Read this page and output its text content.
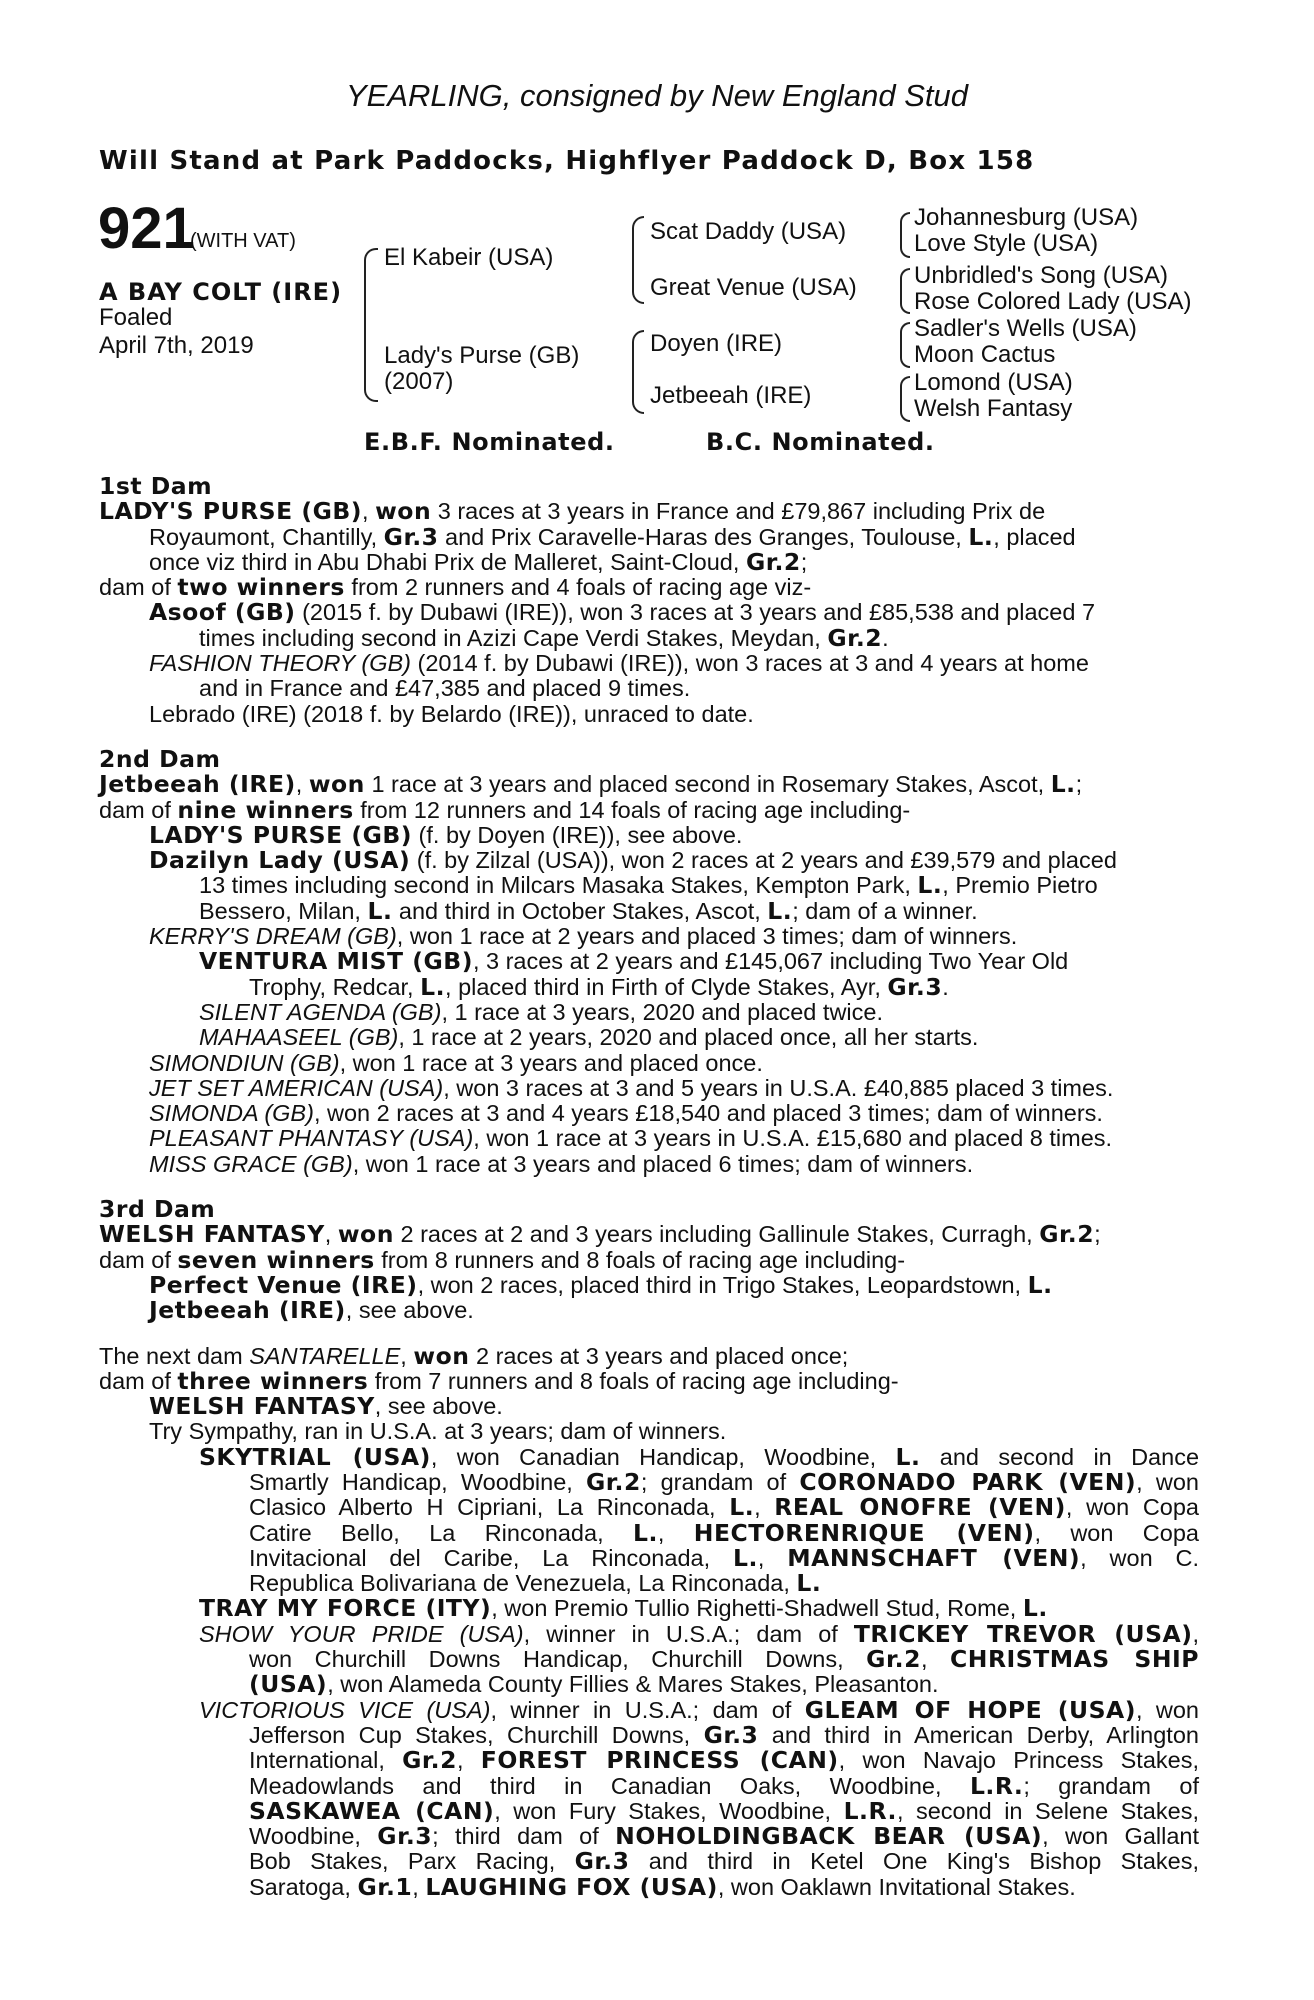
YEARLING, consigned by New England Stud
Will Stand at Park Paddocks, Highflyer Paddock D, Box 158
921
(WITH VAT)
A BAY COLT (IRE)
Foaled
April 7th, 2019
El Kabeir (USA)
Lady's Purse (GB)
(2007)
Scat Daddy (USA)
Great Venue (USA)
Doyen (IRE)
Jetbeeah (IRE)
Johannesburg (USA)
Love Style (USA)
Unbridled's Song (USA)
Rose Colored Lady (USA)
Sadler's Wells (USA)
Moon Cactus
Lomond (USA)
Welsh Fantasy
E.B.F. Nominated.	B.C. Nominated.
1st Dam
LADY'S PURSE (GB), won 3 races at 3 years in France and £79,867 including Prix de
Royaumont, Chantilly, Gr.3 and Prix Caravelle-Haras des Granges, Toulouse, L., placed
once viz third in Abu Dhabi Prix de Malleret, Saint-Cloud, Gr.2;
dam of two winners from 2 runners and 4 foals of racing age viz-
Asoof (GB) (2015 f. by Dubawi (IRE)), won 3 races at 3 years and £85,538 and placed 7
times including second in Azizi Cape Verdi Stakes, Meydan, Gr.2.
FASHION THEORY (GB) (2014 f. by Dubawi (IRE)), won 3 races at 3 and 4 years at home
and in France and £47,385 and placed 9 times.
Lebrado (IRE) (2018 f. by Belardo (IRE)), unraced to date.
2nd Dam
Jetbeeah (IRE), won 1 race at 3 years and placed second in Rosemary Stakes, Ascot, L.;
dam of nine winners from 12 runners and 14 foals of racing age including-
LADY'S PURSE (GB) (f. by Doyen (IRE)), see above.
Dazilyn Lady (USA) (f. by Zilzal (USA)), won 2 races at 2 years and £39,579 and placed
13 times including second in Milcars Masaka Stakes, Kempton Park, L., Premio Pietro
Bessero, Milan, L. and third in October Stakes, Ascot, L.; dam of a winner.
KERRY'S DREAM (GB), won 1 race at 2 years and placed 3 times; dam of winners.
VENTURA MIST (GB), 3 races at 2 years and £145,067 including Two Year Old
Trophy, Redcar, L., placed third in Firth of Clyde Stakes, Ayr, Gr.3.
SILENT AGENDA (GB), 1 race at 3 years, 2020 and placed twice.
MAHAASEEL (GB), 1 race at 2 years, 2020 and placed once, all her starts.
SIMONDIUN (GB), won 1 race at 3 years and placed once.
JET SET AMERICAN (USA), won 3 races at 3 and 5 years in U.S.A. £40,885 placed 3 times.
SIMONDA (GB), won 2 races at 3 and 4 years £18,540 and placed 3 times; dam of winners.
PLEASANT PHANTASY (USA), won 1 race at 3 years in U.S.A. £15,680 and placed 8 times.
MISS GRACE (GB), won 1 race at 3 years and placed 6 times; dam of winners.
3rd Dam
WELSH FANTASY, won 2 races at 2 and 3 years including Gallinule Stakes, Curragh, Gr.2;
dam of seven winners from 8 runners and 8 foals of racing age including-
Perfect Venue (IRE), won 2 races, placed third in Trigo Stakes, Leopardstown, L.
Jetbeeah (IRE), see above.
The next dam SANTARELLE, won 2 races at 3 years and placed once;
dam of three winners from 7 runners and 8 foals of racing age including-
WELSH FANTASY, see above.
Try Sympathy, ran in U.S.A. at 3 years; dam of winners.
SKYTRIAL (USA), won Canadian Handicap, Woodbine, L. and second in Dance
Smartly Handicap, Woodbine, Gr.2; grandam of CORONADO PARK (VEN), won
Clasico Alberto H Cipriani, La Rinconada, L., REAL ONOFRE (VEN), won Copa
Catire Bello, La Rinconada, L., HECTORENRIQUE (VEN), won Copa
Invitacional del Caribe, La Rinconada, L., MANNSCHAFT (VEN), won C.
Republica Bolivariana de Venezuela, La Rinconada, L.
TRAY MY FORCE (ITY), won Premio Tullio Righetti-Shadwell Stud, Rome, L.
SHOW YOUR PRIDE (USA), winner in U.S.A.; dam of TRICKEY TREVOR (USA),
won Churchill Downs Handicap, Churchill Downs, Gr.2, CHRISTMAS SHIP
(USA), won Alameda County Fillies & Mares Stakes, Pleasanton.
VICTORIOUS VICE (USA), winner in U.S.A.; dam of GLEAM OF HOPE (USA), won
Jefferson Cup Stakes, Churchill Downs, Gr.3 and third in American Derby, Arlington
International, Gr.2, FOREST PRINCESS (CAN), won Navajo Princess Stakes,
Meadowlands and third in Canadian Oaks, Woodbine, L.R.; grandam of
SASKAWEA (CAN), won Fury Stakes, Woodbine, L.R., second in Selene Stakes,
Woodbine, Gr.3; third dam of NOHOLDINGBACK BEAR (USA), won Gallant
Bob Stakes, Parx Racing, Gr.3 and third in Ketel One King's Bishop Stakes,
Saratoga, Gr.1, LAUGHING FOX (USA), won Oaklawn Invitational Stakes.
